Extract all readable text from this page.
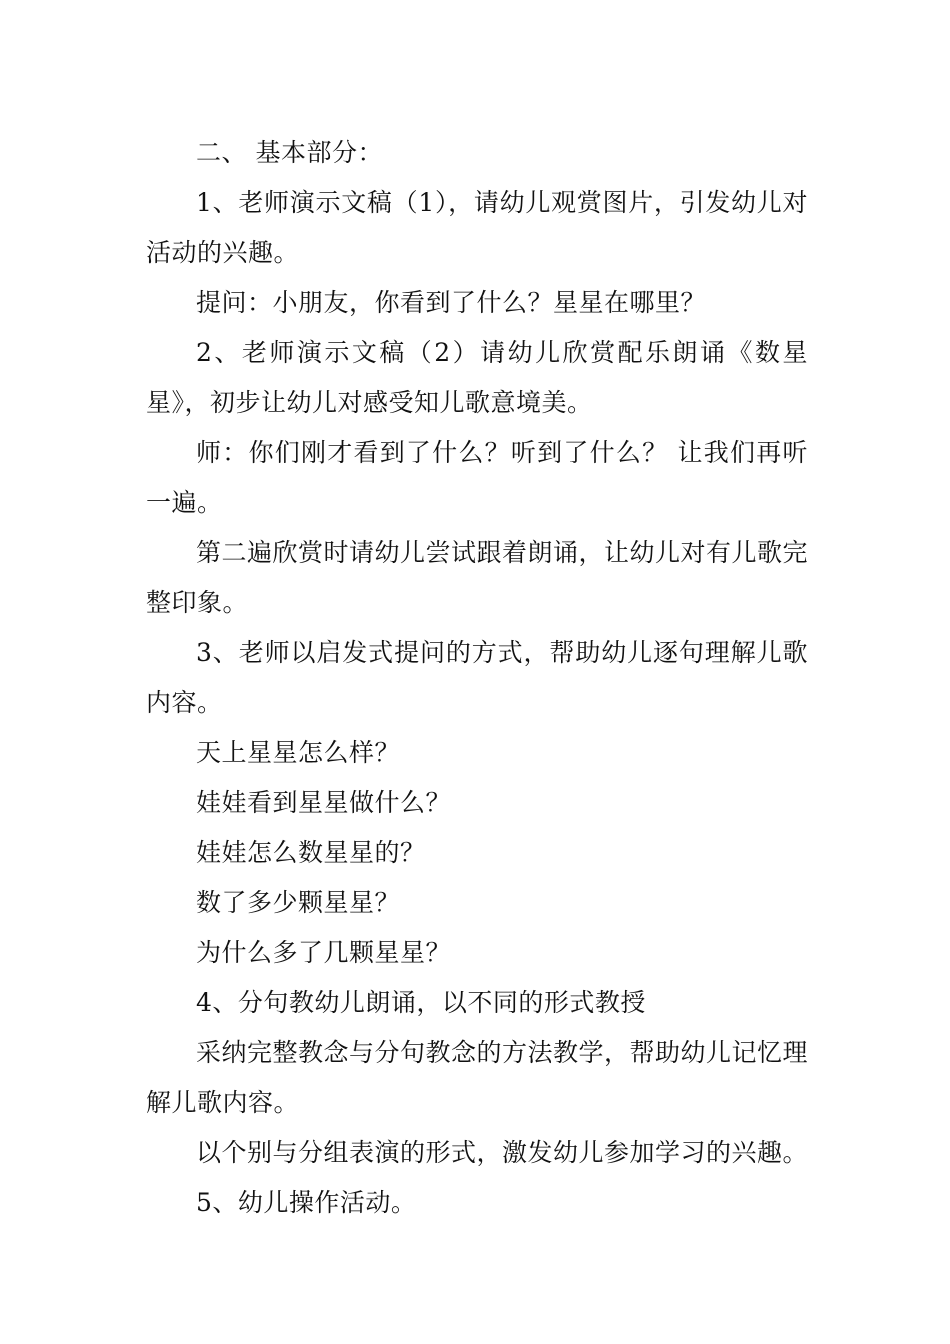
二、 基本部分：

1、老师演示文稿（1），请幼儿观赏图片，引发幼儿对活动的兴趣。

提问：小朋友，你看到了什么？星星在哪里？

2、老师演示文稿（2）请幼儿欣赏配乐朗诵《数星星》，初步让幼儿对感受知儿歌意境美。

师：你们刚才看到了什么？听到了什么？ 让我们再听一遍。

第二遍欣赏时请幼儿尝试跟着朗诵，让幼儿对有儿歌完整印象。

3、老师以启发式提问的方式，帮助幼儿逐句理解儿歌内容。

天上星星怎么样？

娃娃看到星星做什么？

娃娃怎么数星星的？

数了多少颗星星？

为什么多了几颗星星？

4、分句教幼儿朗诵，以不同的形式教授

采纳完整教念与分句教念的方法教学，帮助幼儿记忆理解儿歌内容。

以个别与分组表演的形式，激发幼儿参加学习的兴趣。

5、幼儿操作活动。
